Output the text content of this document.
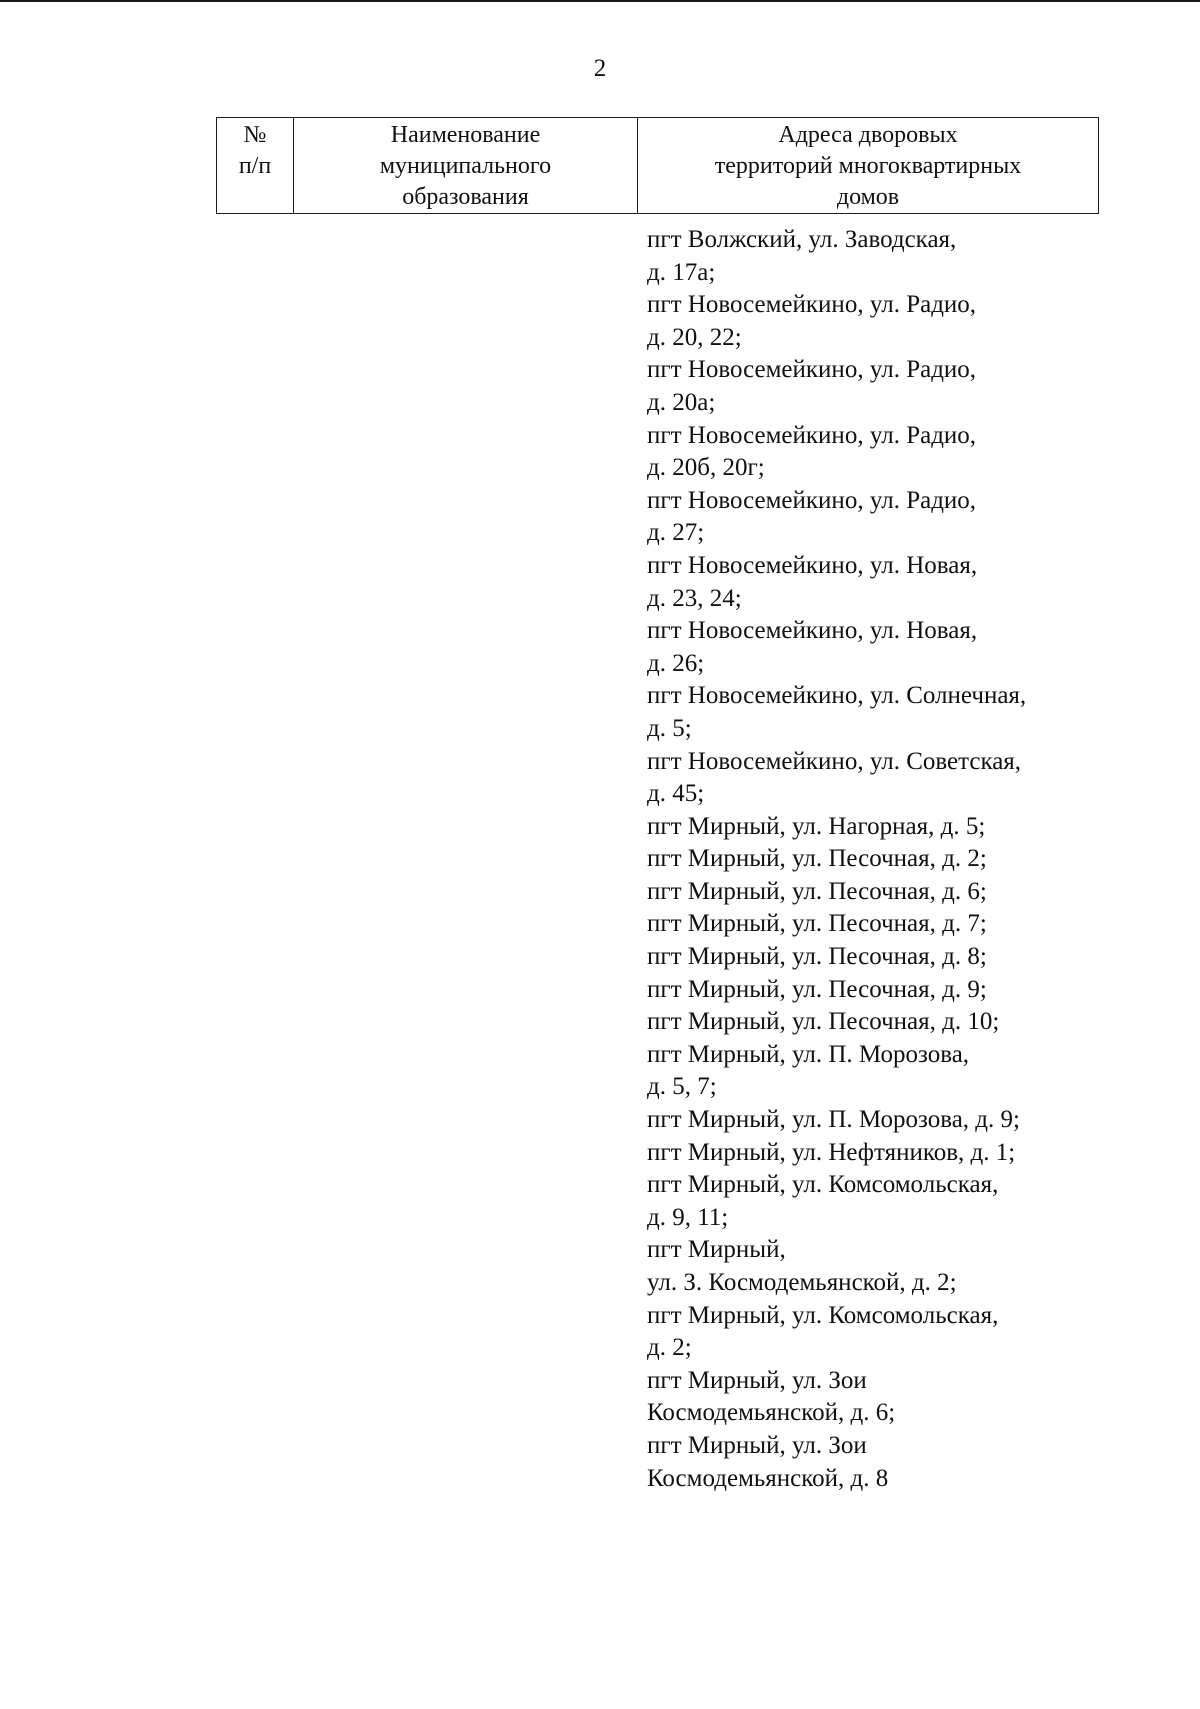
2
№
п/п

Наименование
муниципального
образования

Адреса дворовых
территорий многоквартирных
домов
пгт Волжский, ул. Заводская,
д. 17а;
пгт Новосемейкино, ул. Радио,
д. 20, 22;
пгт Новосемейкино, ул. Радио,
д. 20а;
пгт Новосемейкино, ул. Радио,
д. 20б, 20г;
пгт Новосемейкино, ул. Радио,
д. 27;
пгт Новосемейкино, ул. Новая,
д. 23, 24;
пгт Новосемейкино, ул. Новая,
д. 26;
пгт Новосемейкино, ул. Солнечная,
д. 5;
пгт Новосемейкино, ул. Советская,
д. 45;
пгт Мирный, ул. Нагорная, д. 5;
пгт Мирный, ул. Песочная, д. 2;
пгт Мирный, ул. Песочная, д. 6;
пгт Мирный, ул. Песочная, д. 7;
пгт Мирный, ул. Песочная, д. 8;
пгт Мирный, ул. Песочная, д. 9;
пгт Мирный, ул. Песочная, д. 10;
пгт Мирный, ул. П. Морозова,
д. 5, 7;
пгт Мирный, ул. П. Морозова, д. 9;
пгт Мирный, ул. Нефтяников, д. 1;
пгт Мирный, ул. Комсомольская,
д. 9, 11;
пгт Мирный,
ул. З. Космодемьянской, д. 2;
пгт Мирный, ул. Комсомольская,
д. 2;
пгт Мирный, ул. Зои
Космодемьянской, д. 6;
пгт Мирный, ул. Зои
Космодемьянской, д. 8
